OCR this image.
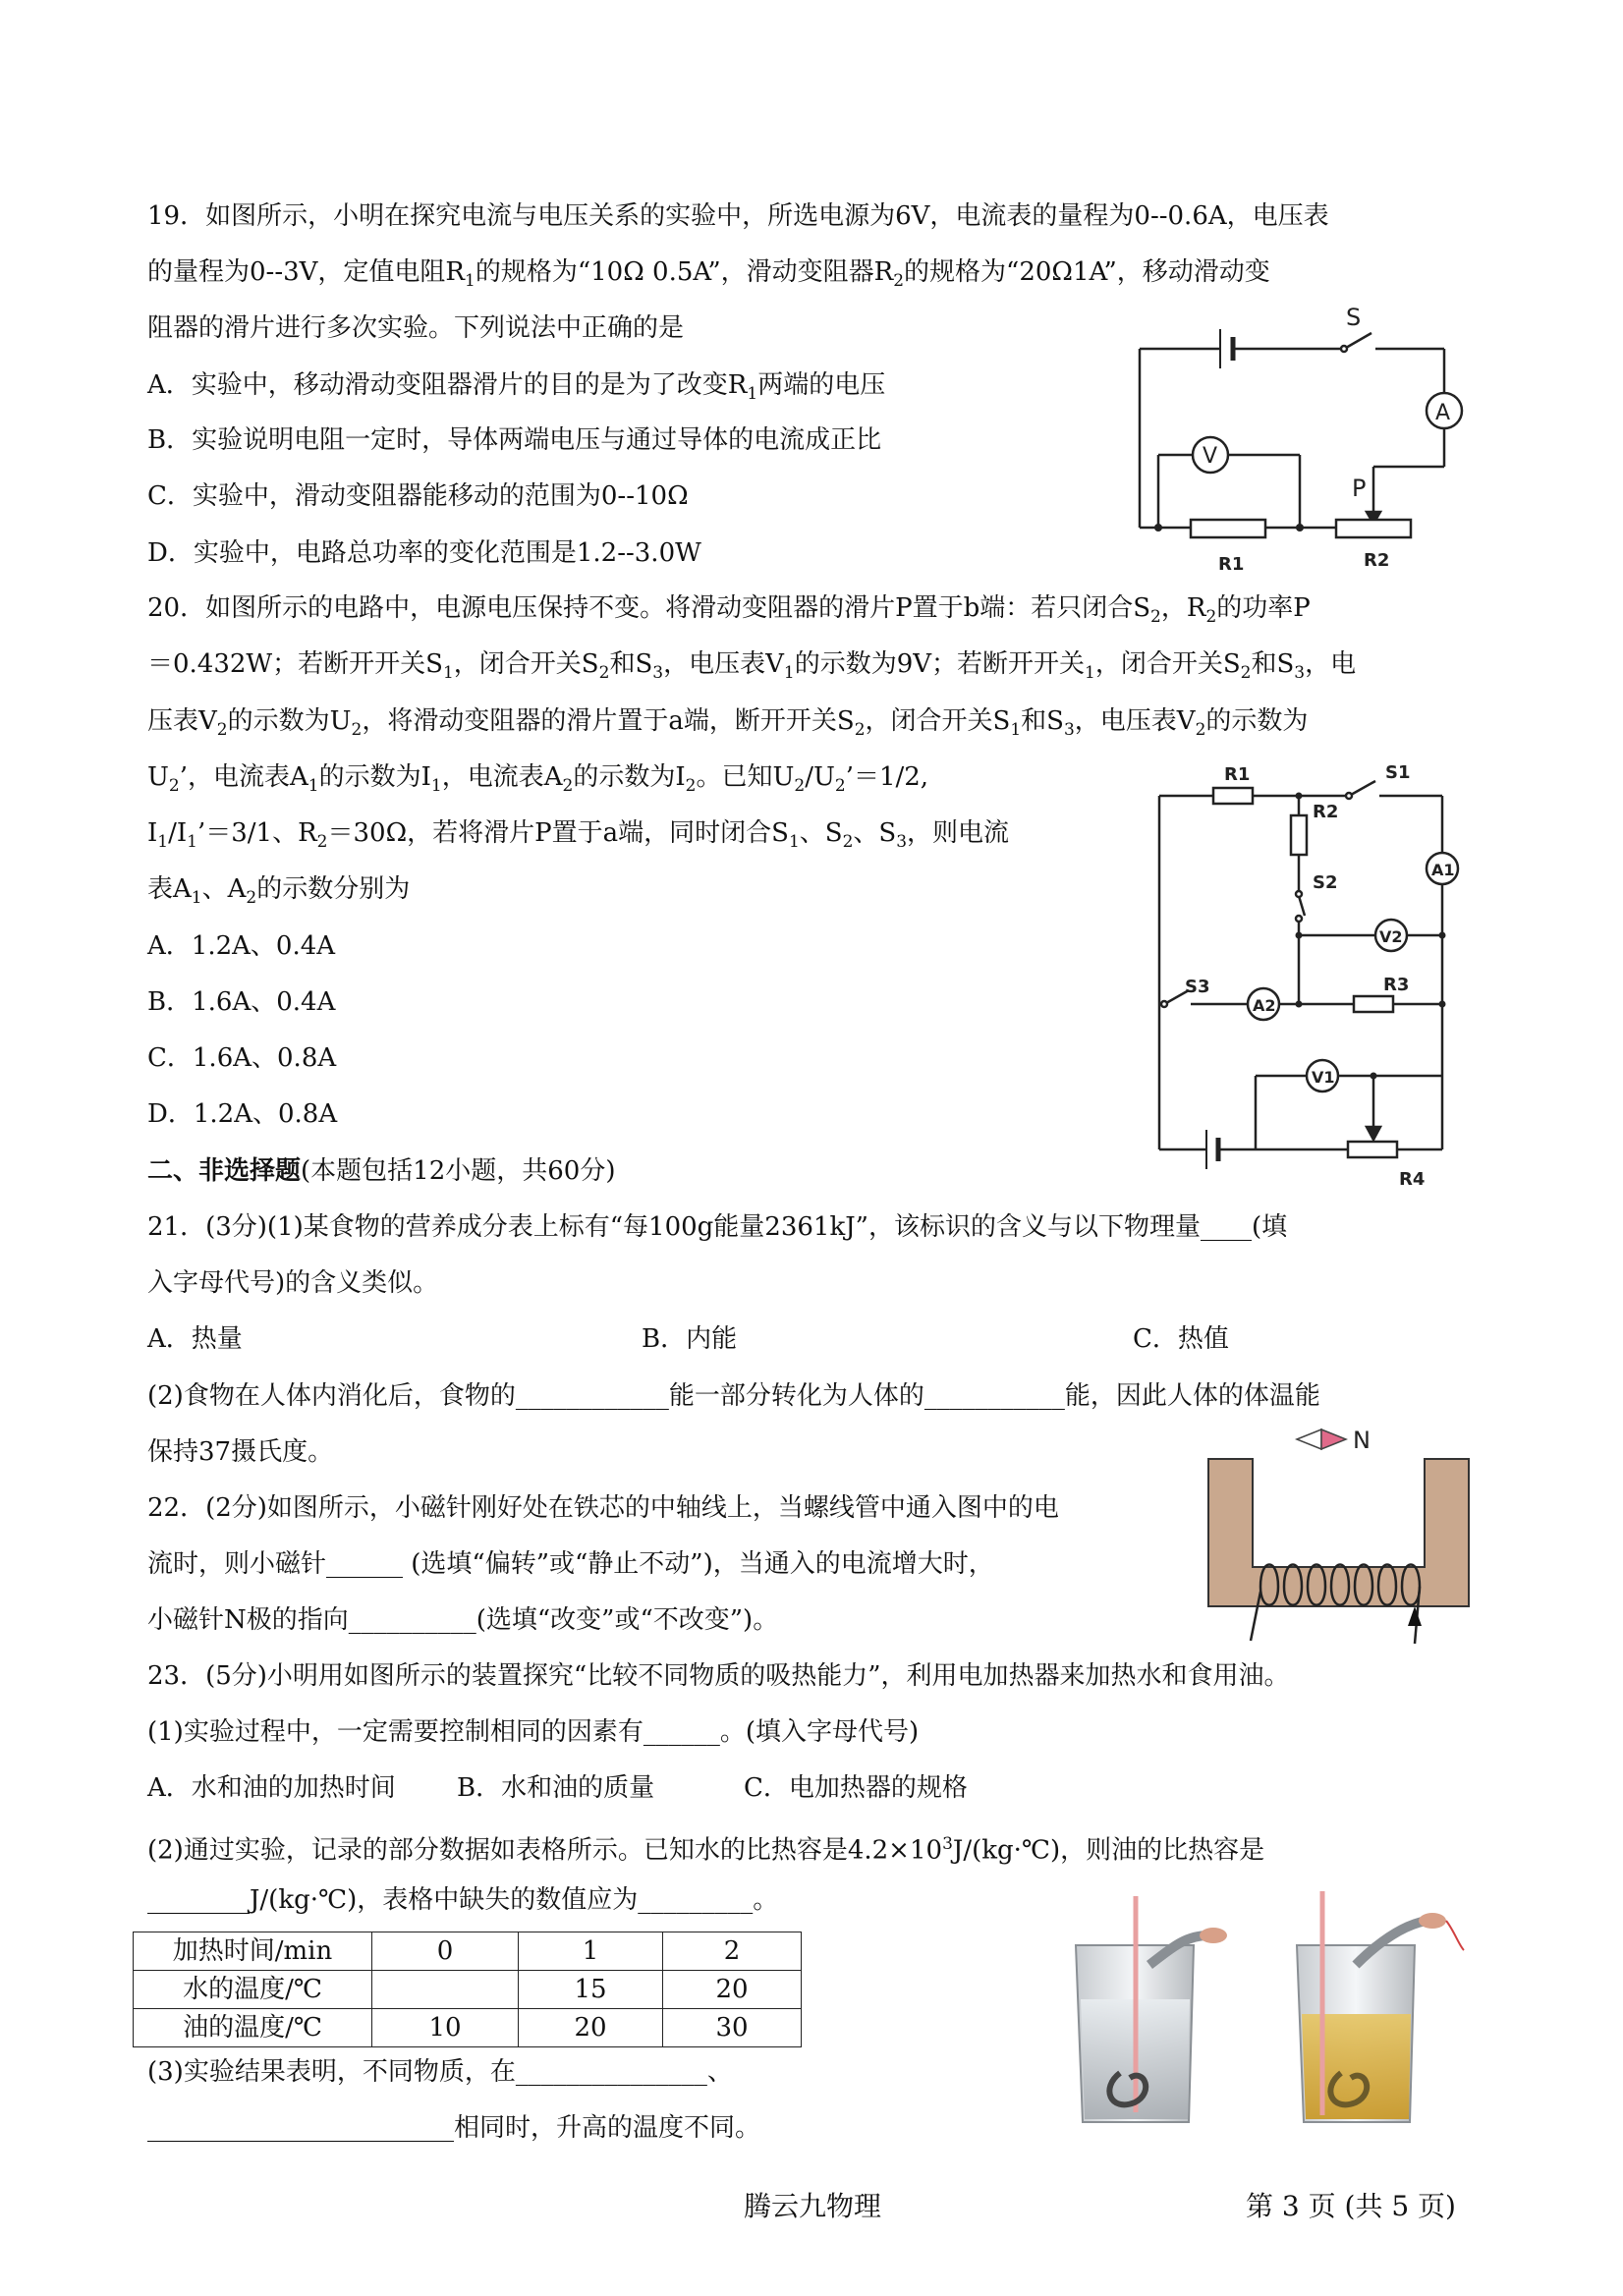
19．如图所示，小明在探究电流与电压关系的实验中，所选电源为6V，电流表的量程为0--0.6A，电压表
的量程为0--3V，定值电阻$R_1$的规格为“10Ω 0.5A”，滑动变阻器$R_2$的规格为“20Ω1A”，移动滑动变
阻器的滑片进行多次实验。下列说法中正确的是
A．实验中，移动滑动变阻器滑片的目的是为了改变$R_1$两端的电压
B．实验说明电阻一定时，导体两端电压与通过导体的电流成正比
C．实验中，滑动变阻器能移动的范围为0--10Ω
D．实验中，电路总功率的变化范围是1.2--3.0W
S
A
V
P
R1	R2
20．如图所示的电路中，电源电压保持不变。将滑动变阻器的滑片P置于b端：若只闭合$S_2$，$R_2$的功率P
＝0.432W；若断开开关$S_1$，闭合开关$S_2$和$S_3$，电压表$V_1$的示数为9V；若断开开关$_1$，闭合开关$S_2$和$S_3$，电
压表$V_2$的示数为$U_2$，将滑动变阻器的滑片置于a端，断开开关$S_2$，闭合开关$S_1$和$S_3$，电压表$V_2$的示数为
$U_2$’，电流表$A_1$的示数为$I_1$，电流表$A_2$的示数为$I_2$。已知$U_2/U_2’=1/2$,
$I_1/I_1’=3/1$、$R_2=30\Omega$，若将滑片P置于a端，同时闭合$S_1$、$S_2$、$S_3$，则电流
表$A_1$、$A_2$的示数分别为
A．1.2A、0.4A
B．1.6A、0.4A
C．1.6A、0.8A
D．1.2A、0.8A
R1
R2
S1
S2
S3	R3
R4
A1
A2
V2
V1
二、非选择题(本题包括12小题，共60分)
21．(3分)(1)某食物的营养成分表上标有“每100g能量2361kJ”，该标识的含义与以下物理量____(填
入字母代号)的含义类似。
A．热量	B．内能	C．热值
(2)食物在人体内消化后，食物的____________能一部分转化为人体的___________能，因此人体的体温能
保持37摄氏度。
22．(2分)如图所示，小磁针刚好处在铁芯的中轴线上，当螺线管中通入图中的电
流时，则小磁针______ (选填“偏转”或“静止不动”)，当通入的电流增大时，
小磁针N极的指向__________(选填“改变”或“不改变”)。
N
23．(5分)小明用如图所示的装置探究“比较不同物质的吸热能力”，利用电加热器来加热水和食用油。
(1)实验过程中，一定需要控制相同的因素有______。(填入字母代号)
A．水和油的加热时间 B．水和油的质量	C．电加热器的规格
(2)通过实验，记录的部分数据如表格所示。已知水的比热容是$4.2\times 10^3J/(kg\cdot℃)$，则油的比热容是
________J/(kg·℃)，表格中缺失的数值应为_________。
加热时间/min	0	1	2
水的温度/℃		15	20
油的温度/℃	10	20	30
(3)实验结果表明，不同物质，在_______________、
________________________相同时，升高的温度不同。
腾云九物理	第 3 页 (共 5 页)
